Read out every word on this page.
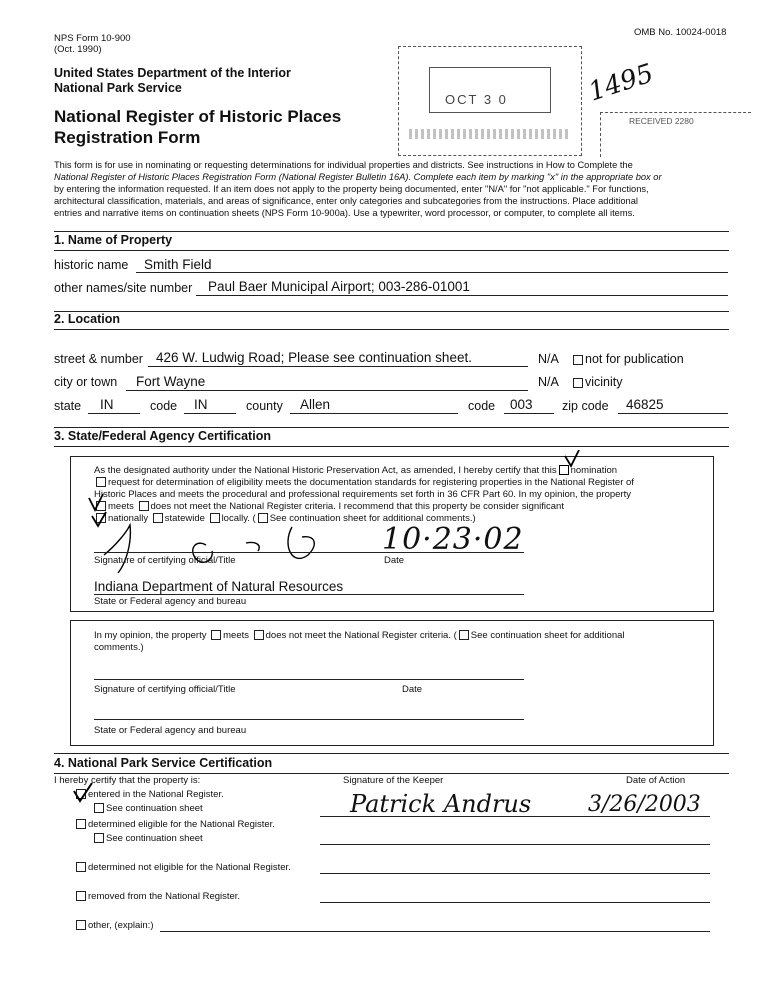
NPS Form 10-900
(Oct. 1990)
OMB No. 10024-0018
United States Department of the Interior
National Park Service
National Register of Historic Places
Registration Form
OCT 3 0	1495
RECEIVED 2280
This form is for use in nominating or requesting determinations for individual properties and districts. See instructions in How to Complete the
National Register of Historic Places Registration Form (National Register Bulletin 16A). Complete each item by marking "x" in the appropriate box or
by entering the information requested. If an item does not apply to the property being documented, enter "N/A" for "not applicable." For functions,
architectural classification, materials, and areas of significance, enter only categories and subcategories from the instructions. Place additional
entries and narrative items on continuation sheets (NPS Form 10-900a). Use a typewriter, word processor, or computer, to complete all items.
1. Name of Property
historic name	Smith Field
other names/site number	Paul Baer Municipal Airport; 003-286-01001
2. Location
street & number 426 W. Ludwig Road; Please see continuation sheet.	N/A	not for publication
city or town	Fort Wayne	N/A	vicinity
state	IN	code	IN	county	Allen	code	003	zip code	46825
3. State/Federal Agency Certification
As the designated authority under the National Historic Preservation Act, as amended, I hereby certify that this nomination
request for determination of eligibility meets the documentation standards for registering properties in the National Register of
Historic Places and meets the procedural and professional requirements set forth in 36 CFR Part 60. In my opinion, the property
meets does not meet the National Register criteria. I recommend that this property be consider significant
nationally statewide locally. ( See continuation sheet for additional comments.)
10·23·02
Signature of certifying official/Title	Date
Indiana Department of Natural Resources
State or Federal agency and bureau
In my opinion, the property meets does not meet the National Register criteria. ( See continuation sheet for additional
comments.)
Signature of certifying official/Title	Date
State or Federal agency and bureau
4. National Park Service Certification
I hereby certify that the property is:	Signature of the Keeper	Date of Action
entered in the National Register.
See continuation sheet
determined eligible for the National Register.
See continuation sheet
determined not eligible for the National Register.
removed from the National Register.
other, (explain:)
Patrick Andrus	3/26/2003
